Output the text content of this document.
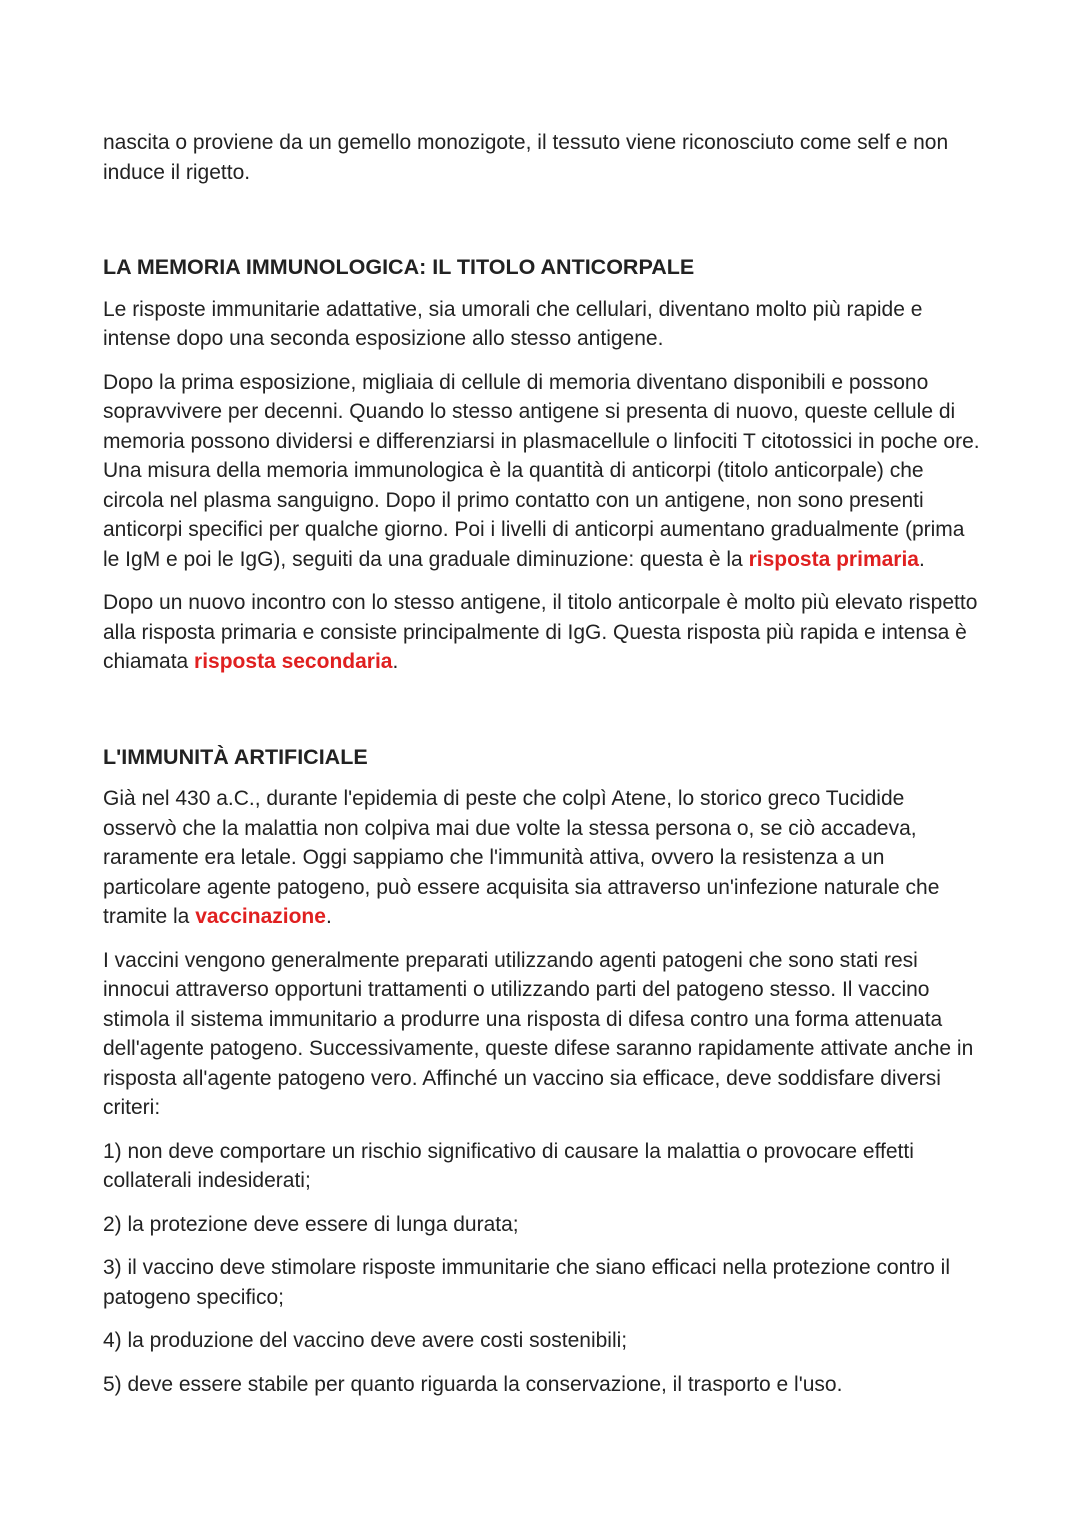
nascita o proviene da un gemello monozigote, il tessuto viene riconosciuto come self e non induce il rigetto.

LA MEMORIA IMMUNOLOGICA: IL TITOLO ANTICORPALE

Le risposte immunitarie adattative, sia umorali che cellulari, diventano molto più rapide e intense dopo una seconda esposizione allo stesso antigene.

Dopo la prima esposizione, migliaia di cellule di memoria diventano disponibili e possono sopravvivere per decenni. Quando lo stesso antigene si presenta di nuovo, queste cellule di memoria possono dividersi e differenziarsi in plasmacellule o linfociti T citotossici in poche ore. Una misura della memoria immunologica è la quantità di anticorpi (titolo anticorpale) che circola nel plasma sanguigno. Dopo il primo contatto con un antigene, non sono presenti anticorpi specifici per qualche giorno. Poi i livelli di anticorpi aumentano gradualmente (prima le IgM e poi le IgG), seguiti da una graduale diminuzione: questa è la risposta primaria.

Dopo un nuovo incontro con lo stesso antigene, il titolo anticorpale è molto più elevato rispetto alla risposta primaria e consiste principalmente di IgG. Questa risposta più rapida e intensa è chiamata risposta secondaria.

L'IMMUNITÀ ARTIFICIALE

Già nel 430 a.C., durante l'epidemia di peste che colpì Atene, lo storico greco Tucidide osservò che la malattia non colpiva mai due volte la stessa persona o, se ciò accadeva, raramente era letale. Oggi sappiamo che l'immunità attiva, ovvero la resistenza a un particolare agente patogeno, può essere acquisita sia attraverso un'infezione naturale che tramite la vaccinazione.

I vaccini vengono generalmente preparati utilizzando agenti patogeni che sono stati resi innocui attraverso opportuni trattamenti o utilizzando parti del patogeno stesso. Il vaccino stimola il sistema immunitario a produrre una risposta di difesa contro una forma attenuata dell'agente patogeno. Successivamente, queste difese saranno rapidamente attivate anche in risposta all'agente patogeno vero. Affinché un vaccino sia efficace, deve soddisfare diversi criteri:

1) non deve comportare un rischio significativo di causare la malattia o provocare effetti collaterali indesiderati;

2) la protezione deve essere di lunga durata;

3) il vaccino deve stimolare risposte immunitarie che siano efficaci nella protezione contro il patogeno specifico;

4) la produzione del vaccino deve avere costi sostenibili;

5) deve essere stabile per quanto riguarda la conservazione, il trasporto e l'uso.
